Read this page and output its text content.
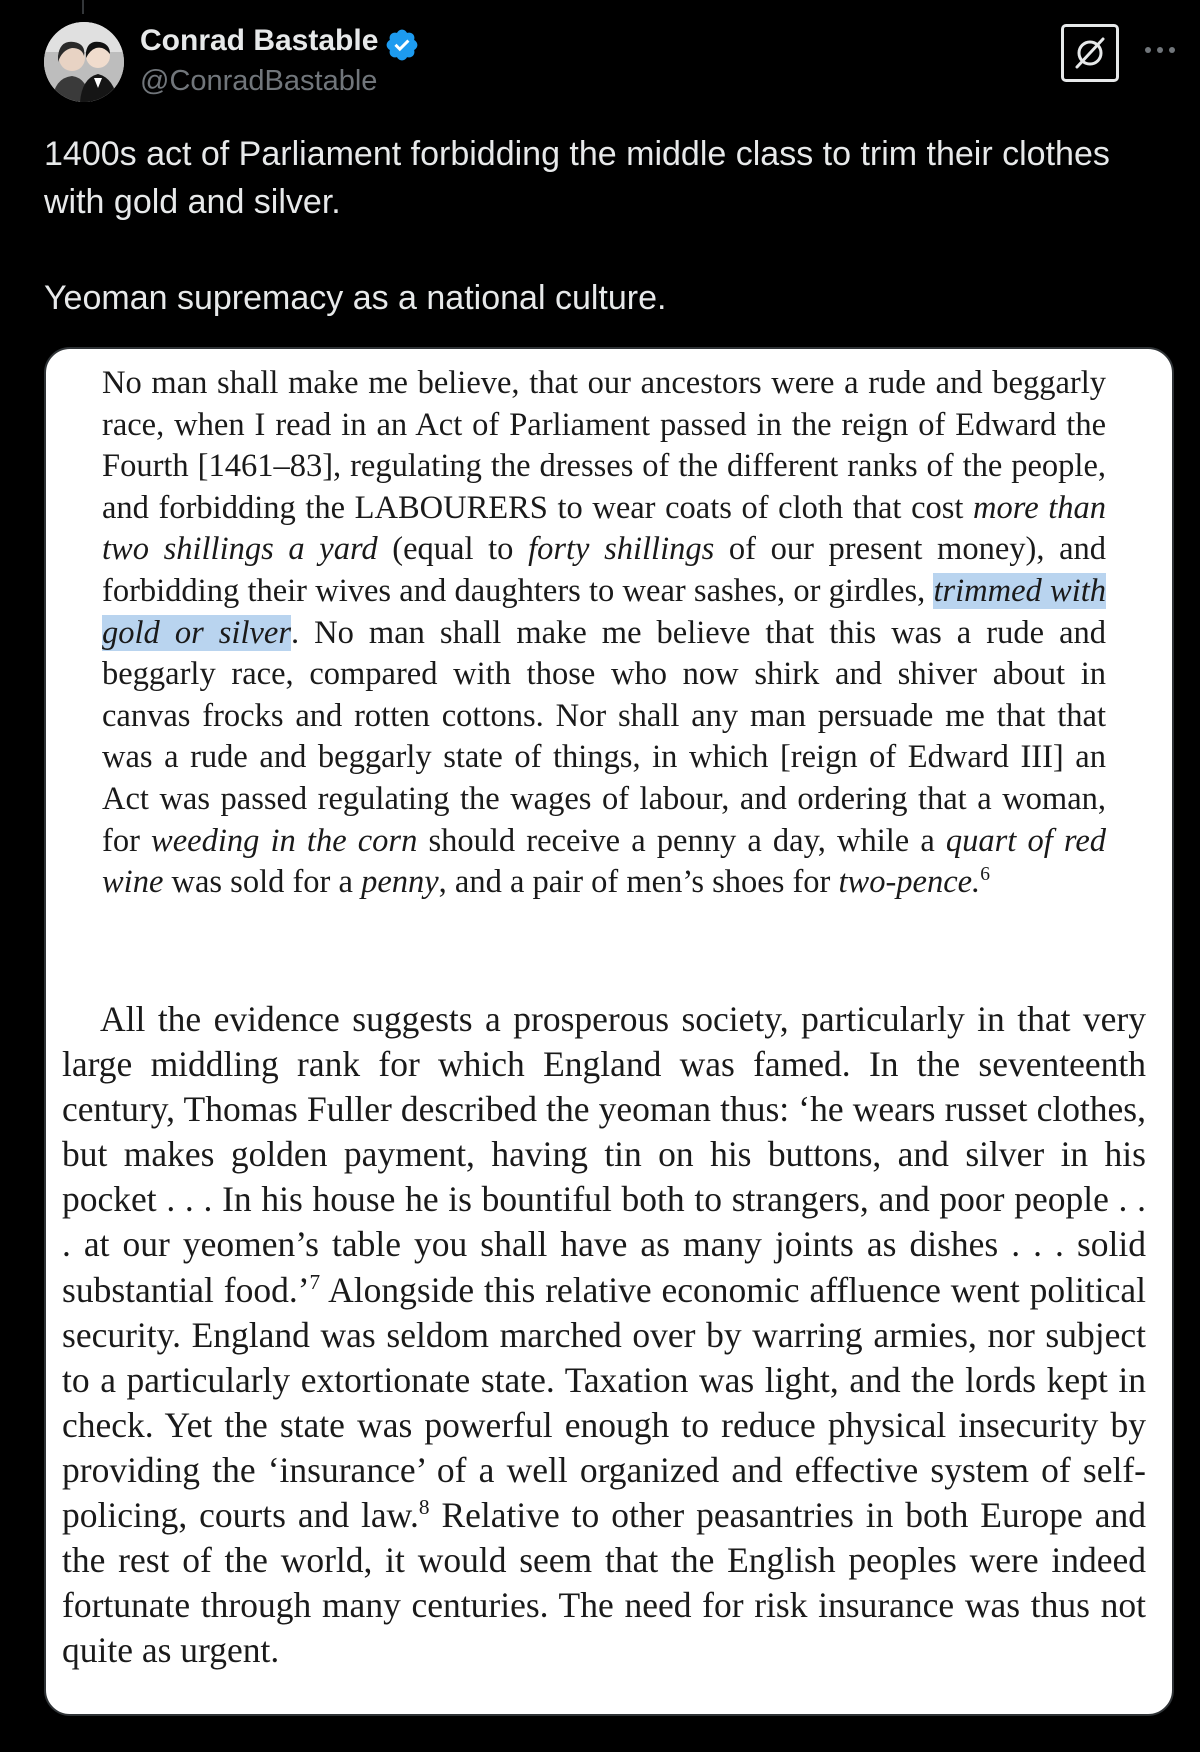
Conrad Bastable
@ConradBastable
1400s act of Parliament forbidding the middle class to trim their clothes with gold and silver.

Yeoman supremacy as a national culture.
No man shall make me believe, that our ancestors were a rude and beggarly race, when I read in an Act of Parliament passed in the reign of Edward the Fourth [1461–83], regulating the dresses of the different ranks of the people, and forbidding the LABOURERS to wear coats of cloth that cost more than two shillings a yard (equal to forty shillings of our present money), and forbidding their wives and daughters to wear sashes, or girdles, trimmed with gold or silver. No man shall make me believe that this was a rude and beggarly race, compared with those who now shirk and shiver about in canvas frocks and rotten cottons. Nor shall any man persuade me that that was a rude and beggarly state of things, in which [reign of Edward III] an Act was passed regulating the wages of labour, and ordering that a woman, for weeding in the corn should receive a penny a day, while a quart of red wine was sold for a penny, and a pair of men’s shoes for two-pence.$^6$
All the evidence suggests a prosperous society, particularly in that very large middling rank for which England was famed. In the seventeenth century, Thomas Fuller described the yeoman thus: ‘he wears russet clothes, but makes golden payment, having tin on his buttons, and silver in his pocket . . . In his house he is bountiful both to strangers, and poor people . . . at our yeomen’s table you shall have as many joints as dishes . . . solid substantial food.’$^7$ Alongside this relative economic affluence went political security. England was seldom marched over by warring armies, nor subject to a particularly extortionate state. Taxation was light, and the lords kept in check. Yet the state was powerful enough to reduce physical insecurity by providing the ‘insurance’ of a well organized and effective system of self-policing, courts and law.$^8$ Relative to other peasantries in both Europe and the rest of the world, it would seem that the English peoples were indeed fortunate through many centuries. The need for risk insurance was thus not quite as urgent.
